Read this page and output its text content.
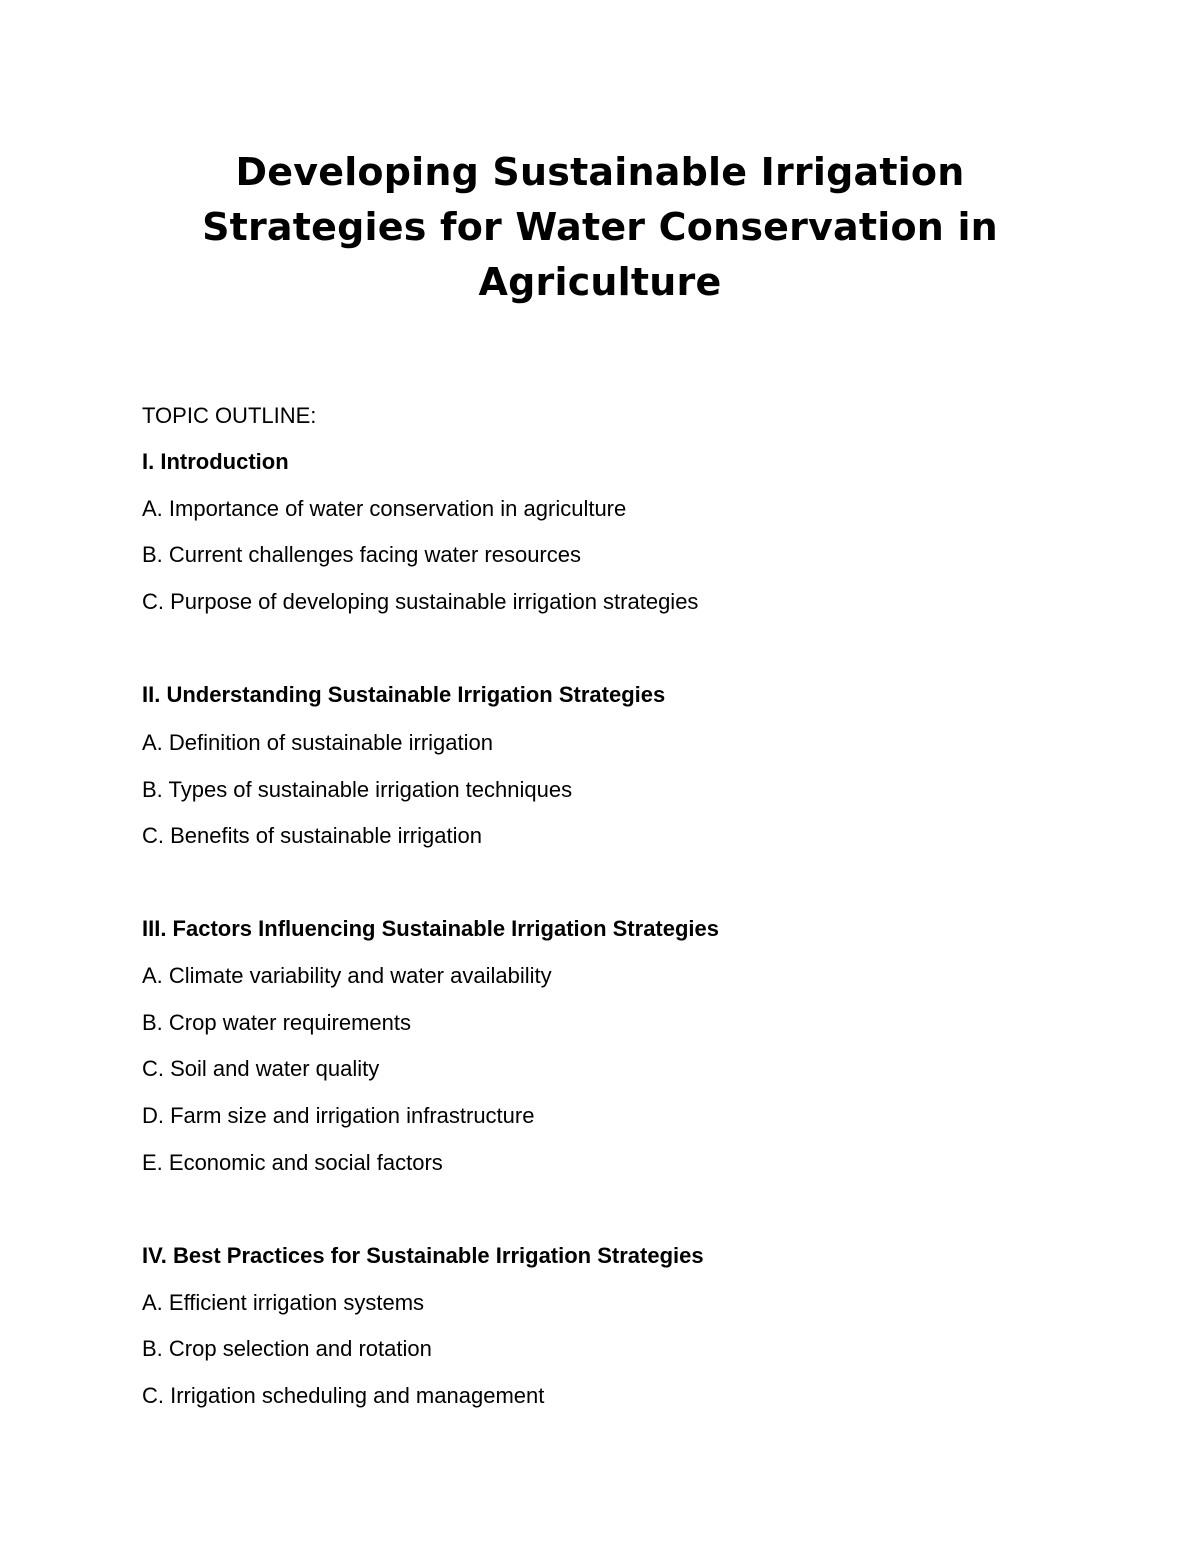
Developing Sustainable Irrigation
Strategies for Water Conservation in
Agriculture

TOPIC OUTLINE:

I. Introduction

A. Importance of water conservation in agriculture

B. Current challenges facing water resources

C. Purpose of developing sustainable irrigation strategies

II. Understanding Sustainable Irrigation Strategies

A. Definition of sustainable irrigation

B. Types of sustainable irrigation techniques

C. Benefits of sustainable irrigation

III. Factors Influencing Sustainable Irrigation Strategies

A. Climate variability and water availability

B. Crop water requirements

C. Soil and water quality

D. Farm size and irrigation infrastructure

E. Economic and social factors

IV. Best Practices for Sustainable Irrigation Strategies

A. Efficient irrigation systems

B. Crop selection and rotation

C. Irrigation scheduling and management
